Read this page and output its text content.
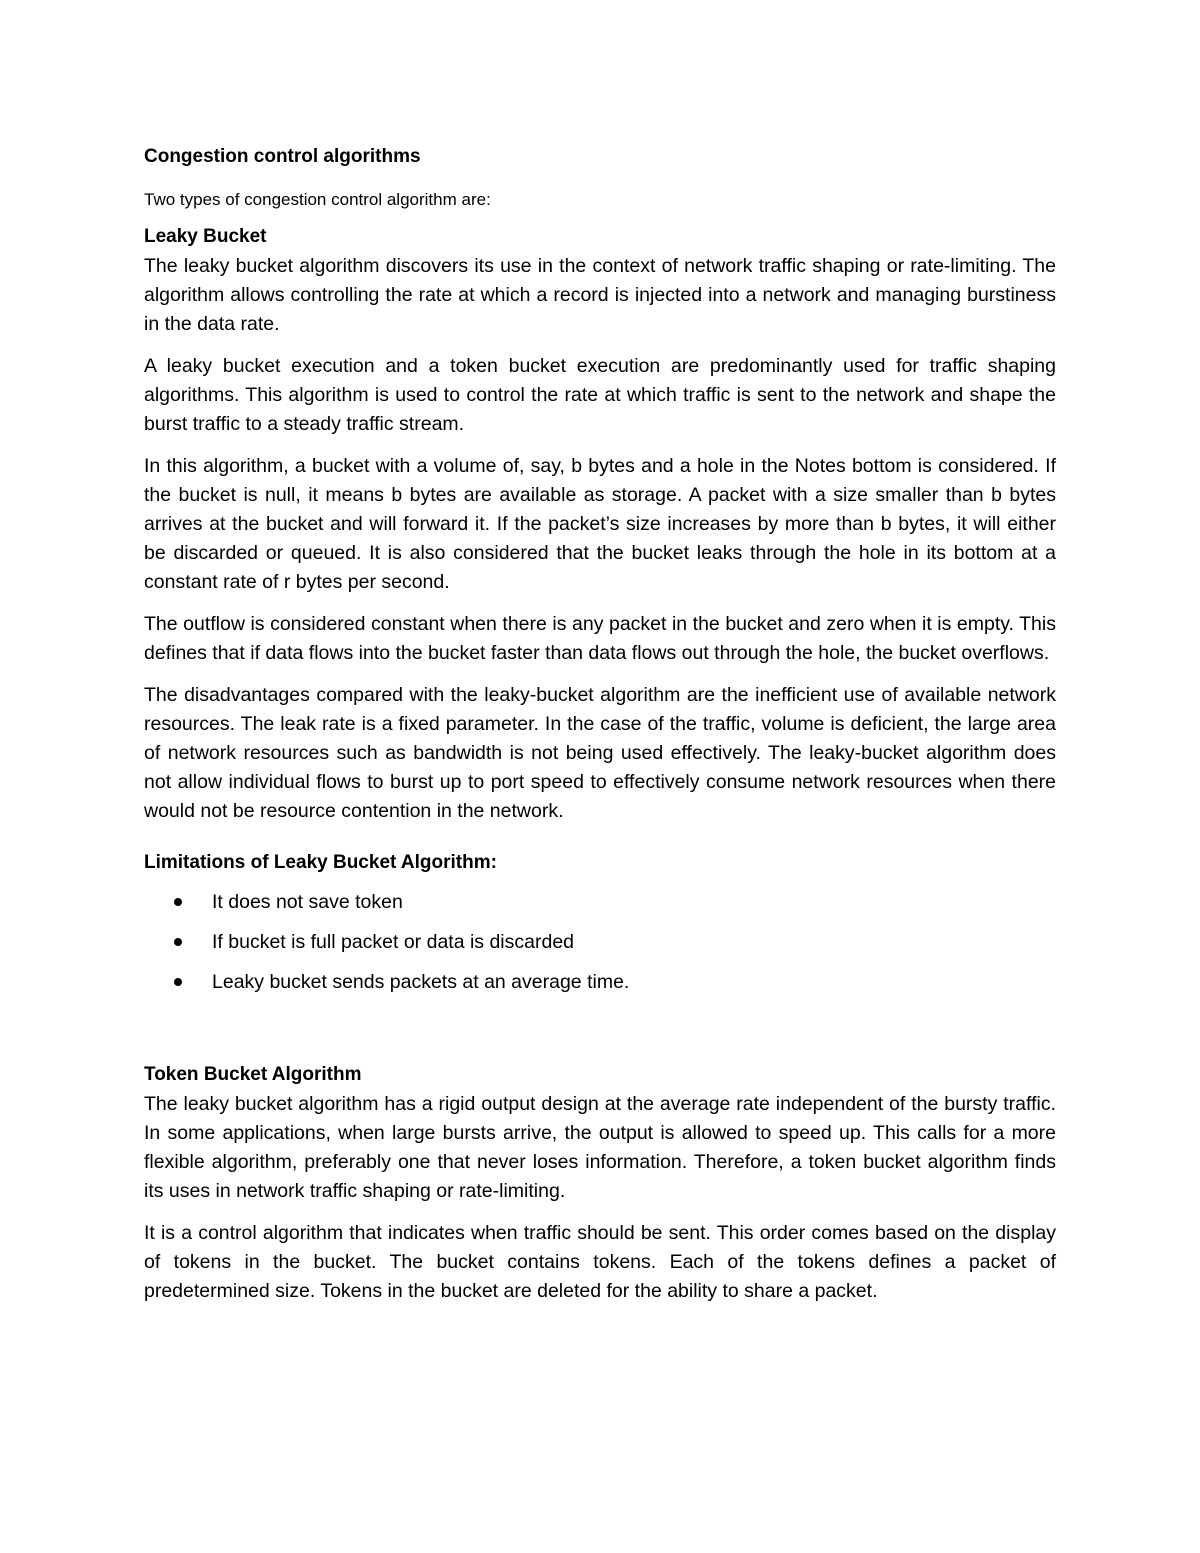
Congestion control algorithms
Two types of congestion control algorithm are:
Leaky Bucket

The leaky bucket algorithm discovers its use in the context of network traffic shaping or rate-limiting. The algorithm allows controlling the rate at which a record is injected into a network and managing burstiness in the data rate.

A leaky bucket execution and a token bucket execution are predominantly used for traffic shaping algorithms. This algorithm is used to control the rate at which traffic is sent to the network and shape the burst traffic to a steady traffic stream.

In this algorithm, a bucket with a volume of, say, b bytes and a hole in the Notes bottom is considered. If the bucket is null, it means b bytes are available as storage. A packet with a size smaller than b bytes arrives at the bucket and will forward it. If the packet’s size increases by more than b bytes, it will either be discarded or queued. It is also considered that the bucket leaks through the hole in its bottom at a constant rate of r bytes per second.

The outflow is considered constant when there is any packet in the bucket and zero when it is empty. This defines that if data flows into the bucket faster than data flows out through the hole, the bucket overflows.

The disadvantages compared with the leaky-bucket algorithm are the inefficient use of available network resources. The leak rate is a fixed parameter. In the case of the traffic, volume is deficient, the large area of network resources such as bandwidth is not being used effectively. The leaky-bucket algorithm does not allow individual flows to burst up to port speed to effectively consume network resources when there would not be resource contention in the network.

Limitations of Leaky Bucket Algorithm:
It does not save token
If bucket is full packet or data is discarded
Leaky bucket sends packets at an average time.
Token Bucket Algorithm

The leaky bucket algorithm has a rigid output design at the average rate independent of the bursty traffic. In some applications, when large bursts arrive, the output is allowed to speed up. This calls for a more flexible algorithm, preferably one that never loses information. Therefore, a token bucket algorithm finds its uses in network traffic shaping or rate-limiting.

It is a control algorithm that indicates when traffic should be sent. This order comes based on the display of tokens in the bucket. The bucket contains tokens. Each of the tokens defines a packet of predetermined size. Tokens in the bucket are deleted for the ability to share a packet.
